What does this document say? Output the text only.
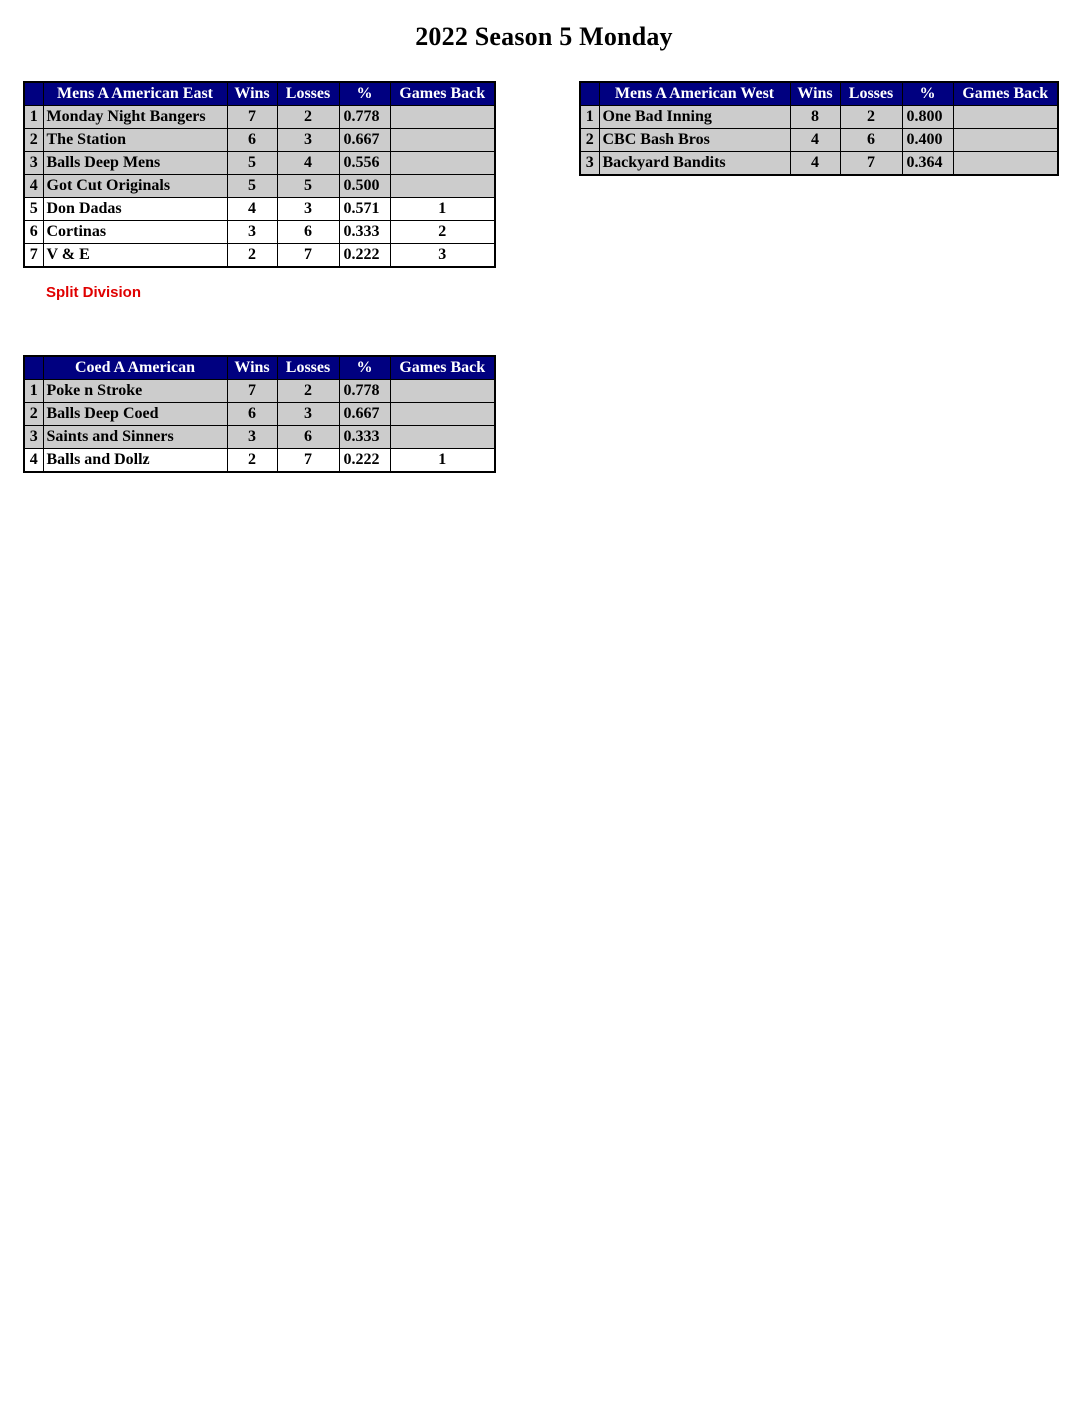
2022 Season 5 Monday
	Mens A American East	Wins	Losses	%	Games Back
1	Monday Night Bangers	7	2	0.778	
2	The Station	6	3	0.667	
3	Balls Deep Mens	5	4	0.556	
4	Got Cut Originals	5	5	0.500	
5	Don Dadas	4	3	0.571	1
6	Cortinas	3	6	0.333	2
7	V & E	2	7	0.222	3
Split Division
	Mens A American West	Wins	Losses	%	Games Back
1	One Bad Inning	8	2	0.800	
2	CBC Bash Bros	4	6	0.400	
3	Backyard Bandits	4	7	0.364	
	Coed A American	Wins	Losses	%	Games Back
1	Poke n Stroke	7	2	0.778	
2	Balls Deep Coed	6	3	0.667	
3	Saints and Sinners	3	6	0.333	
4	Balls and Dollz	2	7	0.222	1
